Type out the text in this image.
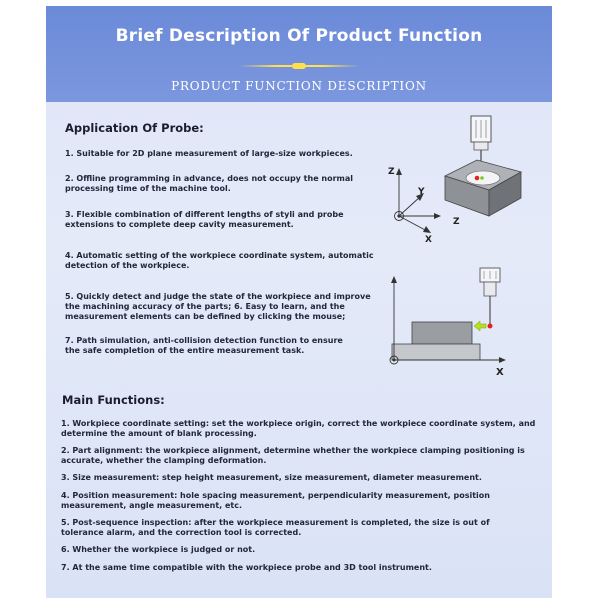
Brief Description Of Product Function
PRODUCT FUNCTION DESCRIPTION
Application Of Probe:
1. Suitable for 2D plane measurement of large-size workpieces.
2. Offline programming in advance, does not occupy the normal processing time of the machine tool.
3. Flexible combination of different lengths of styli and probe extensions to complete deep cavity measurement.
4. Automatic setting of the workpiece coordinate system, automatic detection of the workpiece.
5. Quickly detect and judge the state of the workpiece and improve the machining accuracy of the parts; 6. Easy to learn, and the measurement elements can be defined by clicking the mouse;
7. Path simulation, anti-collision detection function to ensure the safe completion of the entire measurement task.
Z
Y
X
Z
X
Main Functions:
1. Workpiece coordinate setting: set the workpiece origin, correct the workpiece coordinate system, and determine the amount of blank processing.
2. Part alignment: the workpiece alignment, determine whether the workpiece clamping positioning is accurate, whether the clamping deformation.
3. Size measurement: step height measurement, size measurement, diameter measurement.
4. Position measurement: hole spacing measurement, perpendicularity measurement, position measurement, angle measurement, etc.
5. Post-sequence inspection: after the workpiece measurement is completed, the size is out of tolerance alarm, and the correction tool is corrected.
6. Whether the workpiece is judged or not.
7. At the same time compatible with the workpiece probe and 3D tool instrument.
